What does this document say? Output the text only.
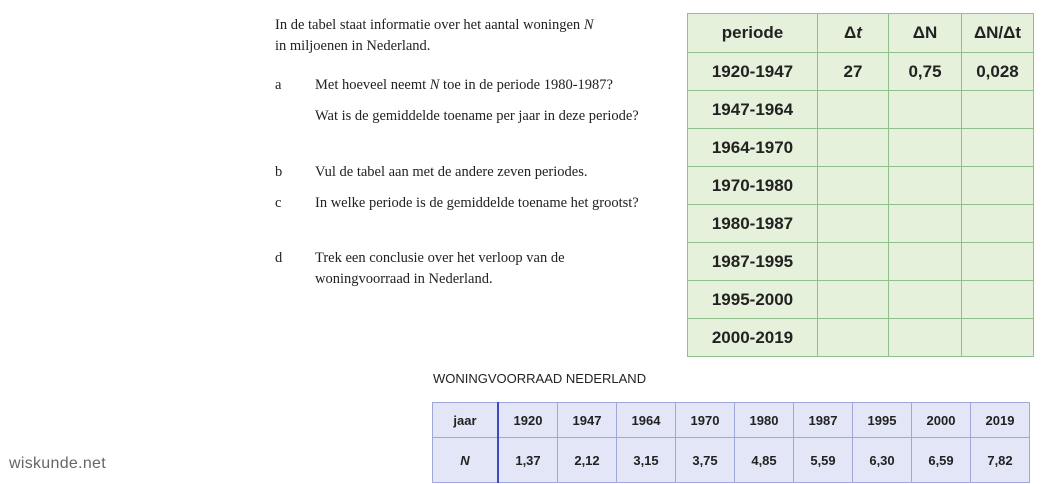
In de tabel staat informatie over het aantal woningen N
in miljoenen in Nederland.

a	Met hoeveel neemt N toe in de periode 1980-1987?
Wat is de gemiddelde toename per jaar in deze periode?
b	Vul de tabel aan met de andere zeven periodes.
c	In welke periode is de gemiddelde toename het grootst?
d	Trek een conclusie over het verloop van de woningvoorraad in Nederland.
periode	Δt	ΔN	ΔN/Δt
1920-1947	27	0,75	0,028
1947-1964			
1964-1970			
1970-1980			
1980-1987			
1987-1995			
1995-2000			
2000-2019			
WONINGVOORRAAD NEDERLAND
jaar	1920	1947	1964	1970	1980	1987	1995	2000	2019
N	1,37	2,12	3,15	3,75	4,85	5,59	6,30	6,59	7,82
wiskunde.net
